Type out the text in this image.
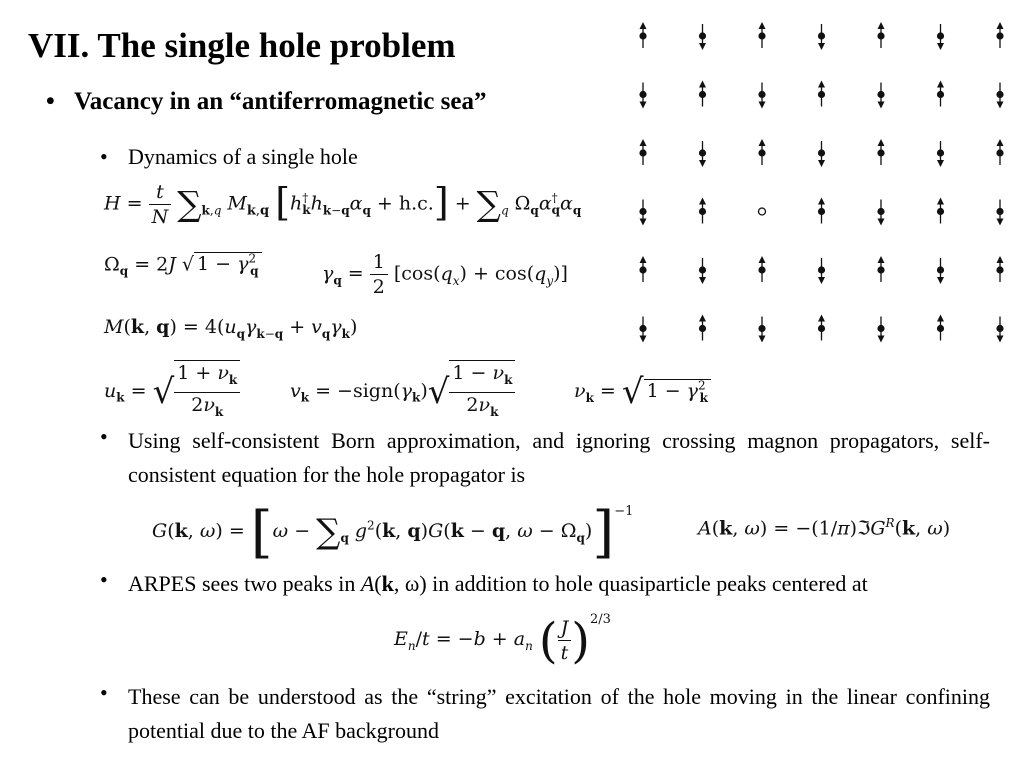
VII. The single hole problem
• Vacancy in an “antiferromagnetic sea”
• Dynamics of a single hole
$H = \frac{t}{N} \sum_{k,q}$ $M_{k,q}$ $[h^\dagger_kh_{k-q}\alpha_q + h.c.] + \sum_q$ $\Omega_q\alpha^\dagger_q\alpha_q$
$\Omega_q = 2J$ √ $1 - \gamma^2_q$	$\gamma_q = \frac{1}{2} [\cos(q_x) + \cos(q_y)]$
M(k, $q) = 4(u_q\gamma_{k-q} + v_q\gamma_k)$
$u_k$ = √ $\frac{1 + \nu_k}{2\nu_k}$	$v_k$ = $-sign(\gamma_k)√ \frac{1 - \nu_k}{2\nu_k}$	$\nu_k$ = √ $1 - \gamma^2_k$
• Using self-consistent Born approximation, and ignoring crossing magnon propagators, self-consistent equation for the hole propagator is
G(k, $\omega) = [\omega - \sum_q$ $g^2(k$, q)G(k − q, $\omega - \Omega_q)]^{-1}$
A(k, ω) = −(1/π)ℑG$^R$(k, ω)
• ARPES sees two peaks in A(k, ω) in addition to hole quasiparticle peaks centered at
$E_n/t = -b + a_n$ ( $\frac{J}{t} )^{2/3}$
• These can be understood as the “string” excitation of the hole moving in the linear confining potential due to the AF background
